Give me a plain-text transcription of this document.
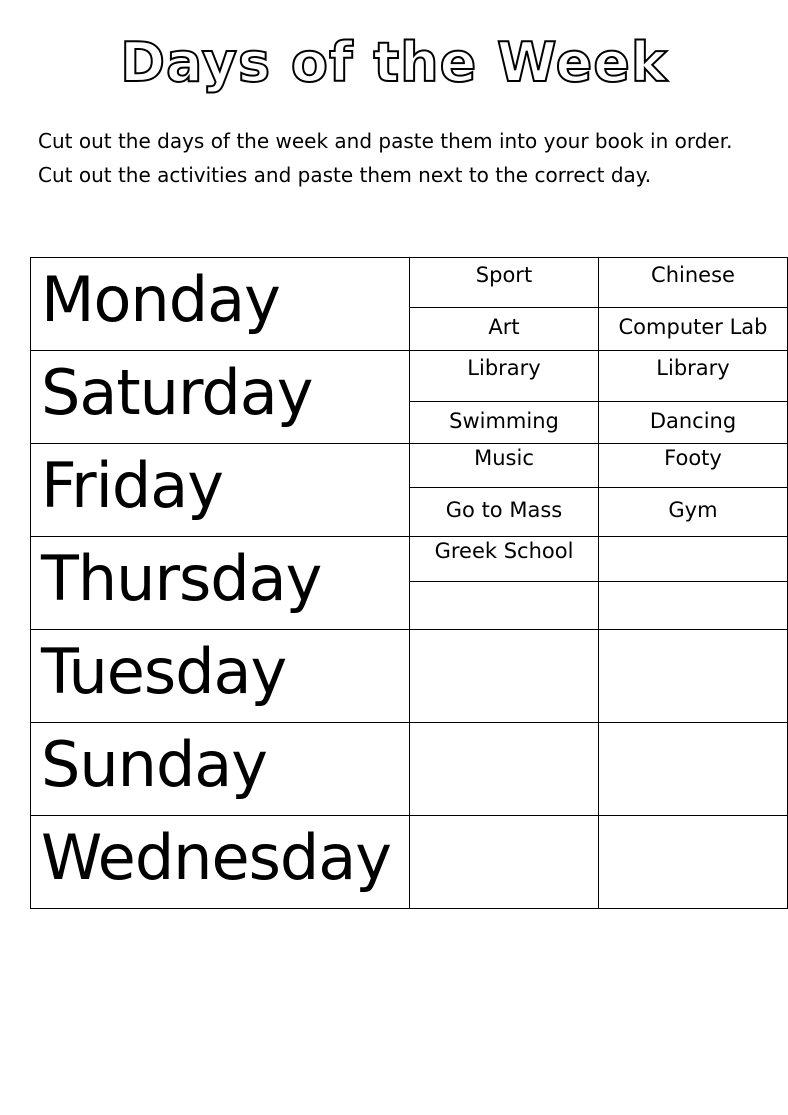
Days of the Week

Cut out the days of the week and paste them into your book in order. Cut out the activities and paste them next to the correct day.

Monday	Sport	Chinese

	Art	Computer Lab

Saturday	Library	Library

	Swimming	Dancing

Friday	Music	Footy

	Go to Mass	Gym

Thursday	Greek School	

Tuesday	

Sunday	

Wednesday	
